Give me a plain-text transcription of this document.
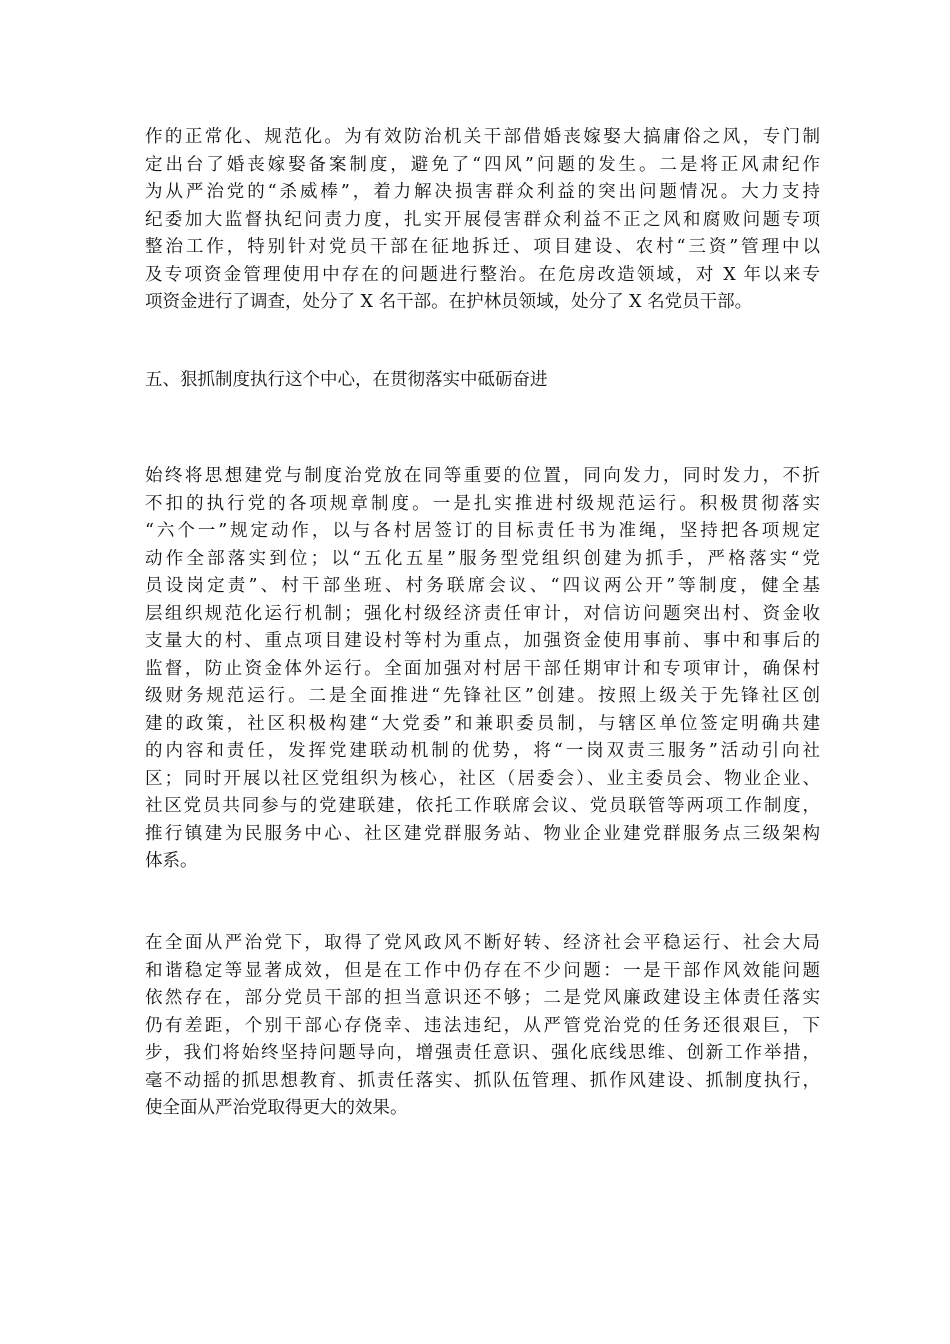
作的正常化、规范化。为有效防治机关干部借婚丧嫁娶大搞庸俗之风，专门制
定出台了婚丧嫁娶备案制度，避免了“四风”问题的发生。二是将正风肃纪作
为从严治党的“杀威棒”，着力解决损害群众利益的突出问题情况。大力支持
纪委加大监督执纪问责力度，扎实开展侵害群众利益不正之风和腐败问题专项
整治工作，特别针对党员干部在征地拆迁、项目建设、农村“三资”管理中以
及专项资金管理使用中存在的问题进行整治。在危房改造领域，对 X 年以来专
项资金进行了调查，处分了 X 名干部。在护林员领域，处分了 X 名党员干部。
五、狠抓制度执行这个中心，在贯彻落实中砥砺奋进
始终将思想建党与制度治党放在同等重要的位置，同向发力，同时发力，不折
不扣的执行党的各项规章制度。一是扎实推进村级规范运行。积极贯彻落实
“六个一”规定动作，以与各村居签订的目标责任书为准绳，坚持把各项规定
动作全部落实到位；以“五化五星”服务型党组织创建为抓手，严格落实“党
员设岗定责”、村干部坐班、村务联席会议、“四议两公开”等制度，健全基
层组织规范化运行机制；强化村级经济责任审计，对信访问题突出村、资金收
支量大的村、重点项目建设村等村为重点，加强资金使用事前、事中和事后的
监督，防止资金体外运行。全面加强对村居干部任期审计和专项审计，确保村
级财务规范运行。二是全面推进“先锋社区”创建。按照上级关于先锋社区创
建的政策，社区积极构建“大党委”和兼职委员制，与辖区单位签定明确共建
的内容和责任，发挥党建联动机制的优势，将“一岗双责三服务”活动引向社
区；同时开展以社区党组织为核心，社区（居委会）、业主委员会、物业企业、
社区党员共同参与的党建联建，依托工作联席会议、党员联管等两项工作制度，
推行镇建为民服务中心、社区建党群服务站、物业企业建党群服务点三级架构
体系。
在全面从严治党下，取得了党风政风不断好转、经济社会平稳运行、社会大局
和谐稳定等显著成效，但是在工作中仍存在不少问题：一是干部作风效能问题
依然存在，部分党员干部的担当意识还不够；二是党风廉政建设主体责任落实
仍有差距，个别干部心存侥幸、违法违纪，从严管党治党的任务还很艰巨，下
步，我们将始终坚持问题导向，增强责任意识、强化底线思维、创新工作举措，
毫不动摇的抓思想教育、抓责任落实、抓队伍管理、抓作风建设、抓制度执行，
使全面从严治党取得更大的效果。
